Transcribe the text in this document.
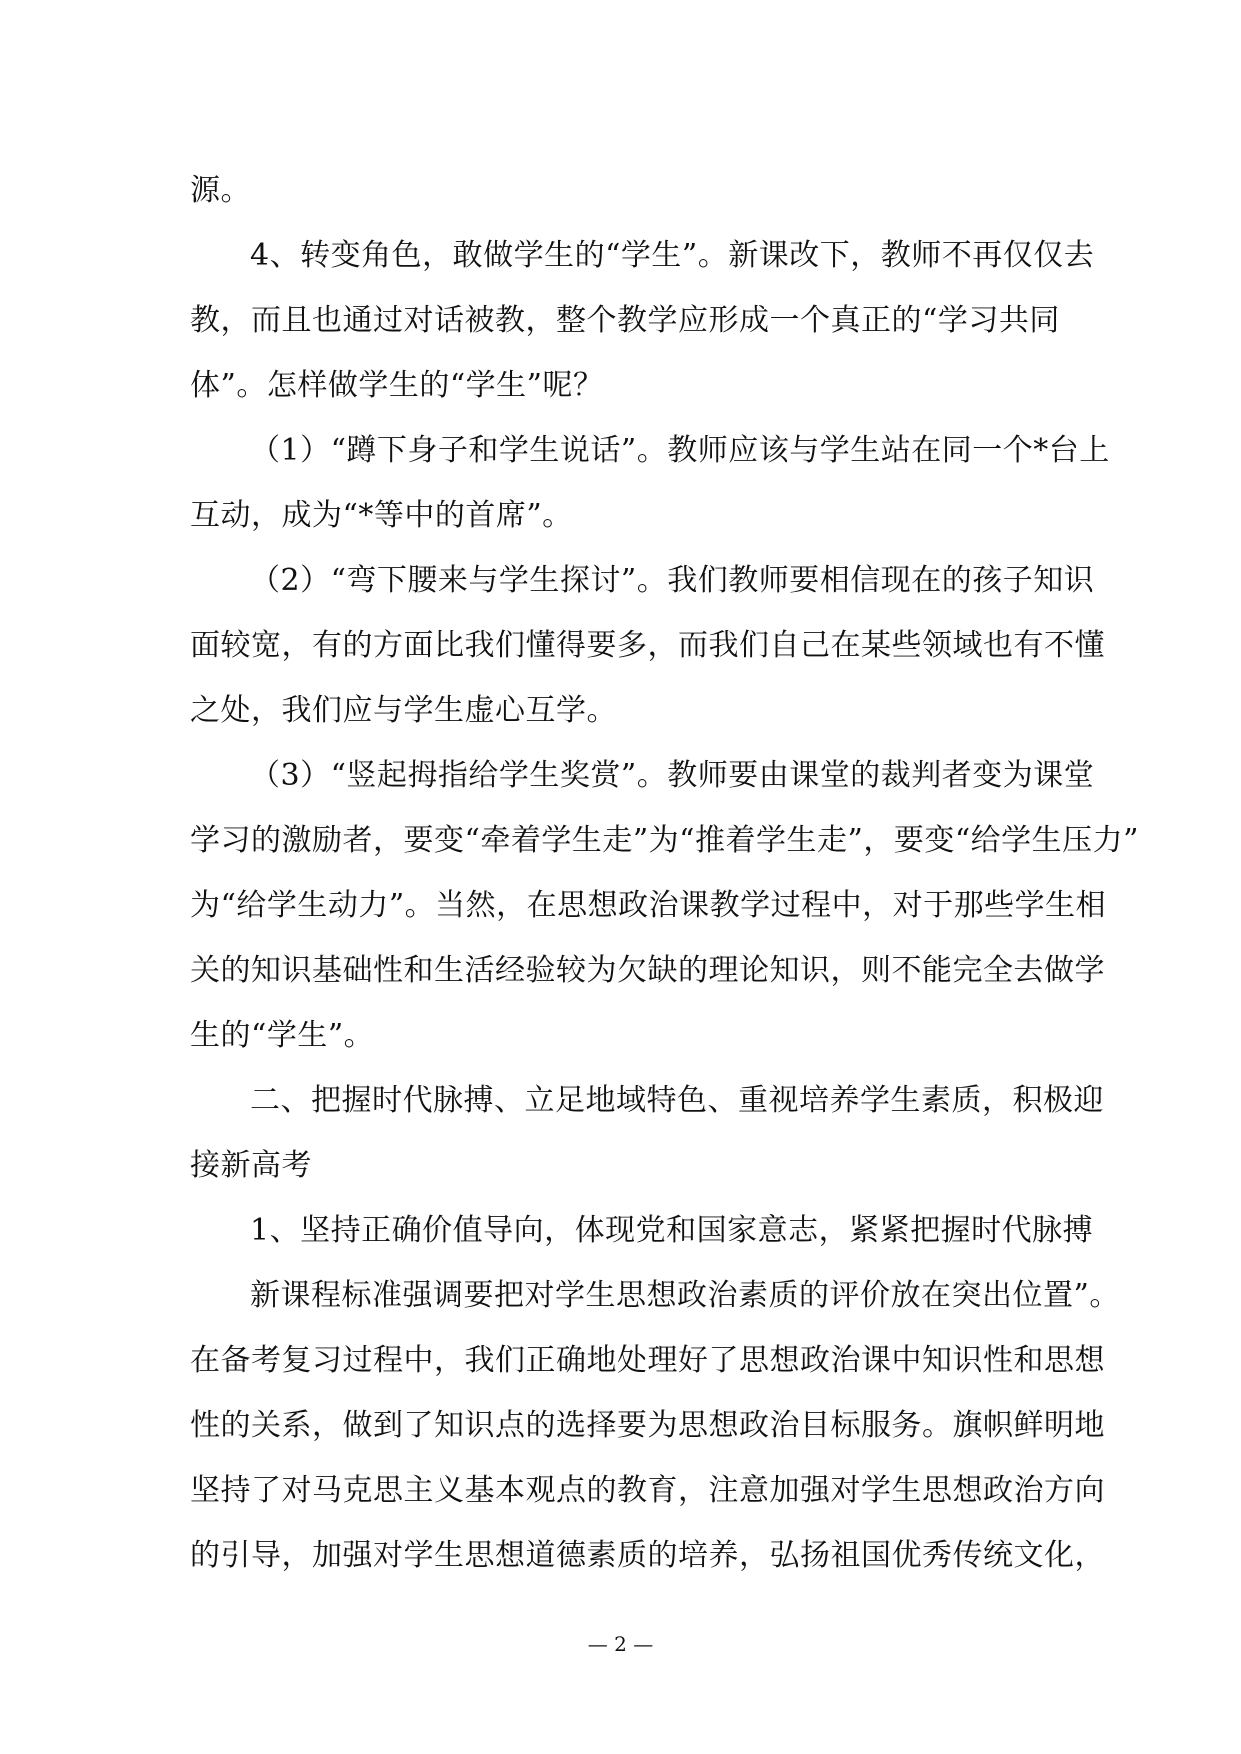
源。
4、转变角色，敢做学生的“学生”。新课改下，教师不再仅仅去
教，而且也通过对话被教，整个教学应形成一个真正的“学习共同
体”。怎样做学生的“学生”呢？
（1）“蹲下身子和学生说话”。教师应该与学生站在同一个*台上
互动，成为“*等中的首席”。
（2）“弯下腰来与学生探讨”。我们教师要相信现在的孩子知识
面较宽，有的方面比我们懂得要多，而我们自己在某些领域也有不懂
之处，我们应与学生虚心互学。
（3）“竖起拇指给学生奖赏”。教师要由课堂的裁判者变为课堂
学习的激励者，要变“牵着学生走”为“推着学生走”，要变“给学生压力”
为“给学生动力”。当然，在思想政治课教学过程中，对于那些学生相
关的知识基础性和生活经验较为欠缺的理论知识，则不能完全去做学
生的“学生”。
二、把握时代脉搏、立足地域特色、重视培养学生素质，积极迎
接新高考
1、坚持正确价值导向，体现党和国家意志，紧紧把握时代脉搏
新课程标准强调要把对学生思想政治素质的评价放在突出位置”。
在备考复习过程中，我们正确地处理好了思想政治课中知识性和思想
性的关系，做到了知识点的选择要为思想政治目标服务。旗帜鲜明地
坚持了对马克思主义基本观点的教育，注意加强对学生思想政治方向
的引导，加强对学生思想道德素质的培养，弘扬祖国优秀传统文化，
— 2 —
